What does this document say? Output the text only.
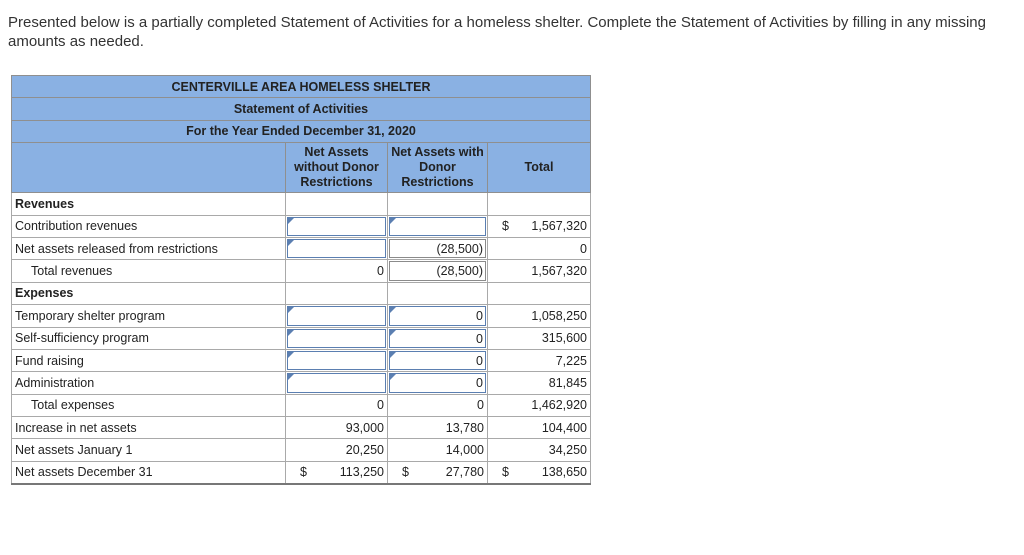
Presented below is a partially completed Statement of Activities for a homeless shelter. Complete the Statement of Activities by filling in any missing amounts as needed.
CENTERVILLE AREA HOMELESS SHELTER			
Statement of Activities			
For the Year Ended December 31, 2020			
	Net Assets without Donor Restrictions	Net Assets with Donor Restrictions	Total
Revenues			
Contribution revenues			$ 1,567,320
Net assets released from restrictions		(28,500)	0
Total revenues	0	(28,500)	1,567,320
Expenses			
Temporary shelter program		0	1,058,250
Self-sufficiency program		0	315,600
Fund raising		0	7,225
Administration		0	81,845
Total expenses	0	0	1,462,920
Increase in net assets	93,000	13,780	104,400
Net assets January 1	20,250	14,000	34,250
Net assets December 31	$ 113,250	$ 27,780	$ 138,650
